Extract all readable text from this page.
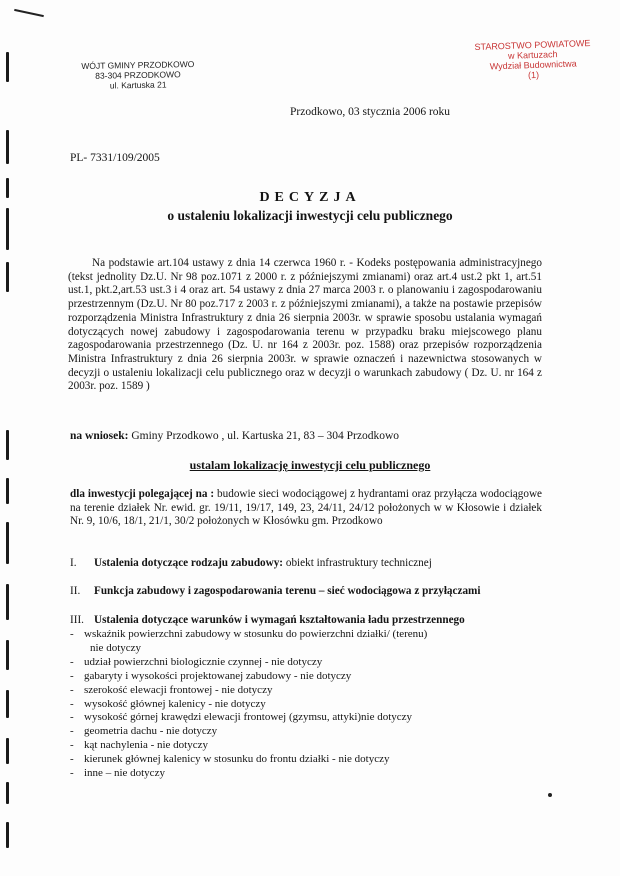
WÓJT GMINY PRZODKOWO
83-304 PRZODKOWO
ul. Kartuska 21
STAROSTWO POWIATOWE
w Kartuzach
Wydział Budownictwa
(1)
Przodkowo, 03 stycznia 2006 roku
PL- 7331/109/2005
DECYZJA
o ustaleniu lokalizacji inwestycji celu publicznego
Na podstawie art.104 ustawy z dnia 14 czerwca 1960 r. - Kodeks postępowania administracyjnego (tekst jednolity Dz.U. Nr 98 poz.1071 z 2000 r. z późniejszymi zmianami) oraz art.4 ust.2 pkt 1, art.51 ust.1, pkt.2,art.53 ust.3 i 4 oraz art. 54 ustawy z dnia 27 marca 2003 r. o planowaniu i zagospodarowaniu przestrzennym (Dz.U. Nr 80 poz.717 z 2003 r. z późniejszymi zmianami), a także na postawie przepisów rozporządzenia Ministra Infrastruktury z dnia 26 sierpnia 2003r. w sprawie sposobu ustalania wymagań dotyczących nowej zabudowy i zagospodarowania terenu w przypadku braku miejscowego planu zagospodarowania przestrzennego (Dz. U. nr 164 z 2003r. poz. 1588) oraz przepisów rozporządzenia Ministra Infrastruktury z dnia 26 sierpnia 2003r. w sprawie oznaczeń i nazewnictwa stosowanych w decyzji o ustaleniu lokalizacji celu publicznego oraz w decyzji o warunkach zabudowy ( Dz. U. nr 164 z 2003r. poz. 1589 )
na wniosek: Gminy Przodkowo , ul. Kartuska 21, 83 – 304 Przodkowo
ustalam lokalizację inwestycji celu publicznego
dla inwestycji polegającej na : budowie sieci wodociągowej z hydrantami oraz przyłącza wodociągowe na terenie działek Nr. ewid. gr. 19/11, 19/17, 149, 23, 24/11, 24/12 położonych w w Kłosowie i działek Nr. 9, 10/6, 18/1, 21/1, 30/2 położonych w Kłosówku gm. Przodkowo
I. Ustalenia dotyczące rodzaju zabudowy: obiekt infrastruktury technicznej
II. Funkcja zabudowy i zagospodarowania terenu – sieć wodociągowa z przyłączami
III. Ustalenia dotyczące warunków i wymagań kształtowania ładu przestrzennego
- wskaźnik powierzchni zabudowy w stosunku do powierzchni działki/ (terenu)
nie dotyczy
- udział powierzchni biologicznie czynnej - nie dotyczy
- gabaryty i wysokości projektowanej zabudowy - nie dotyczy
- szerokość elewacji frontowej - nie dotyczy
- wysokość głównej kalenicy - nie dotyczy
- wysokość górnej krawędzi elewacji frontowej (gzymsu, attyki)nie dotyczy
- geometria dachu - nie dotyczy
- kąt nachylenia - nie dotyczy
- kierunek głównej kalenicy w stosunku do frontu działki - nie dotyczy
- inne – nie dotyczy
